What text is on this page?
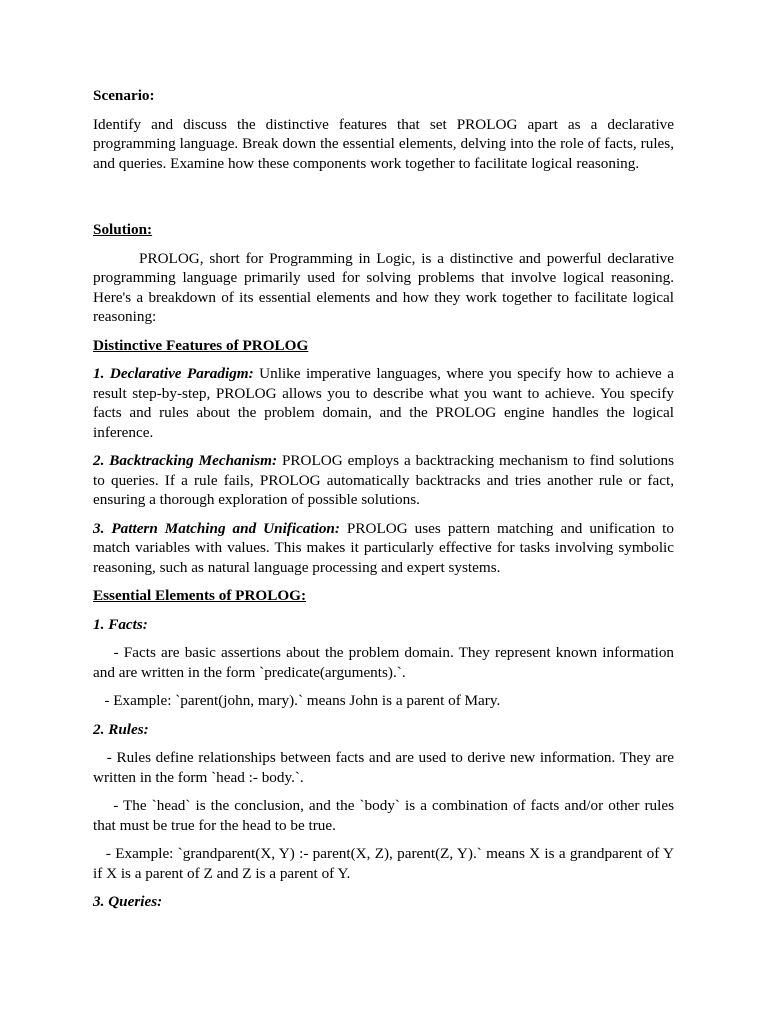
Scenario:
Identify and discuss the distinctive features that set PROLOG apart as a declarative programming language. Break down the essential elements, delving into the role of facts, rules, and queries. Examine how these components work together to facilitate logical reasoning.
Solution:
PROLOG, short for Programming in Logic, is a distinctive and powerful declarative programming language primarily used for solving problems that involve logical reasoning. Here's a breakdown of its essential elements and how they work together to facilitate logical reasoning:
Distinctive Features of PROLOG
1. Declarative Paradigm: Unlike imperative languages, where you specify how to achieve a result step-by-step, PROLOG allows you to describe what you want to achieve. You specify facts and rules about the problem domain, and the PROLOG engine handles the logical inference.
2. Backtracking Mechanism: PROLOG employs a backtracking mechanism to find solutions to queries. If a rule fails, PROLOG automatically backtracks and tries another rule or fact, ensuring a thorough exploration of possible solutions.
3. Pattern Matching and Unification: PROLOG uses pattern matching and unification to match variables with values. This makes it particularly effective for tasks involving symbolic reasoning, such as natural language processing and expert systems.
Essential Elements of PROLOG:
1. Facts:
- Facts are basic assertions about the problem domain. They represent known information and are written in the form `predicate(arguments).`.
- Example: `parent(john, mary).` means John is a parent of Mary.
2. Rules:
- Rules define relationships between facts and are used to derive new information. They are written in the form `head :- body.`.
- The `head` is the conclusion, and the `body` is a combination of facts and/or other rules that must be true for the head to be true.
- Example: `grandparent(X, Y) :- parent(X, Z), parent(Z, Y).` means X is a grandparent of Y if X is a parent of Z and Z is a parent of Y.
3. Queries:
